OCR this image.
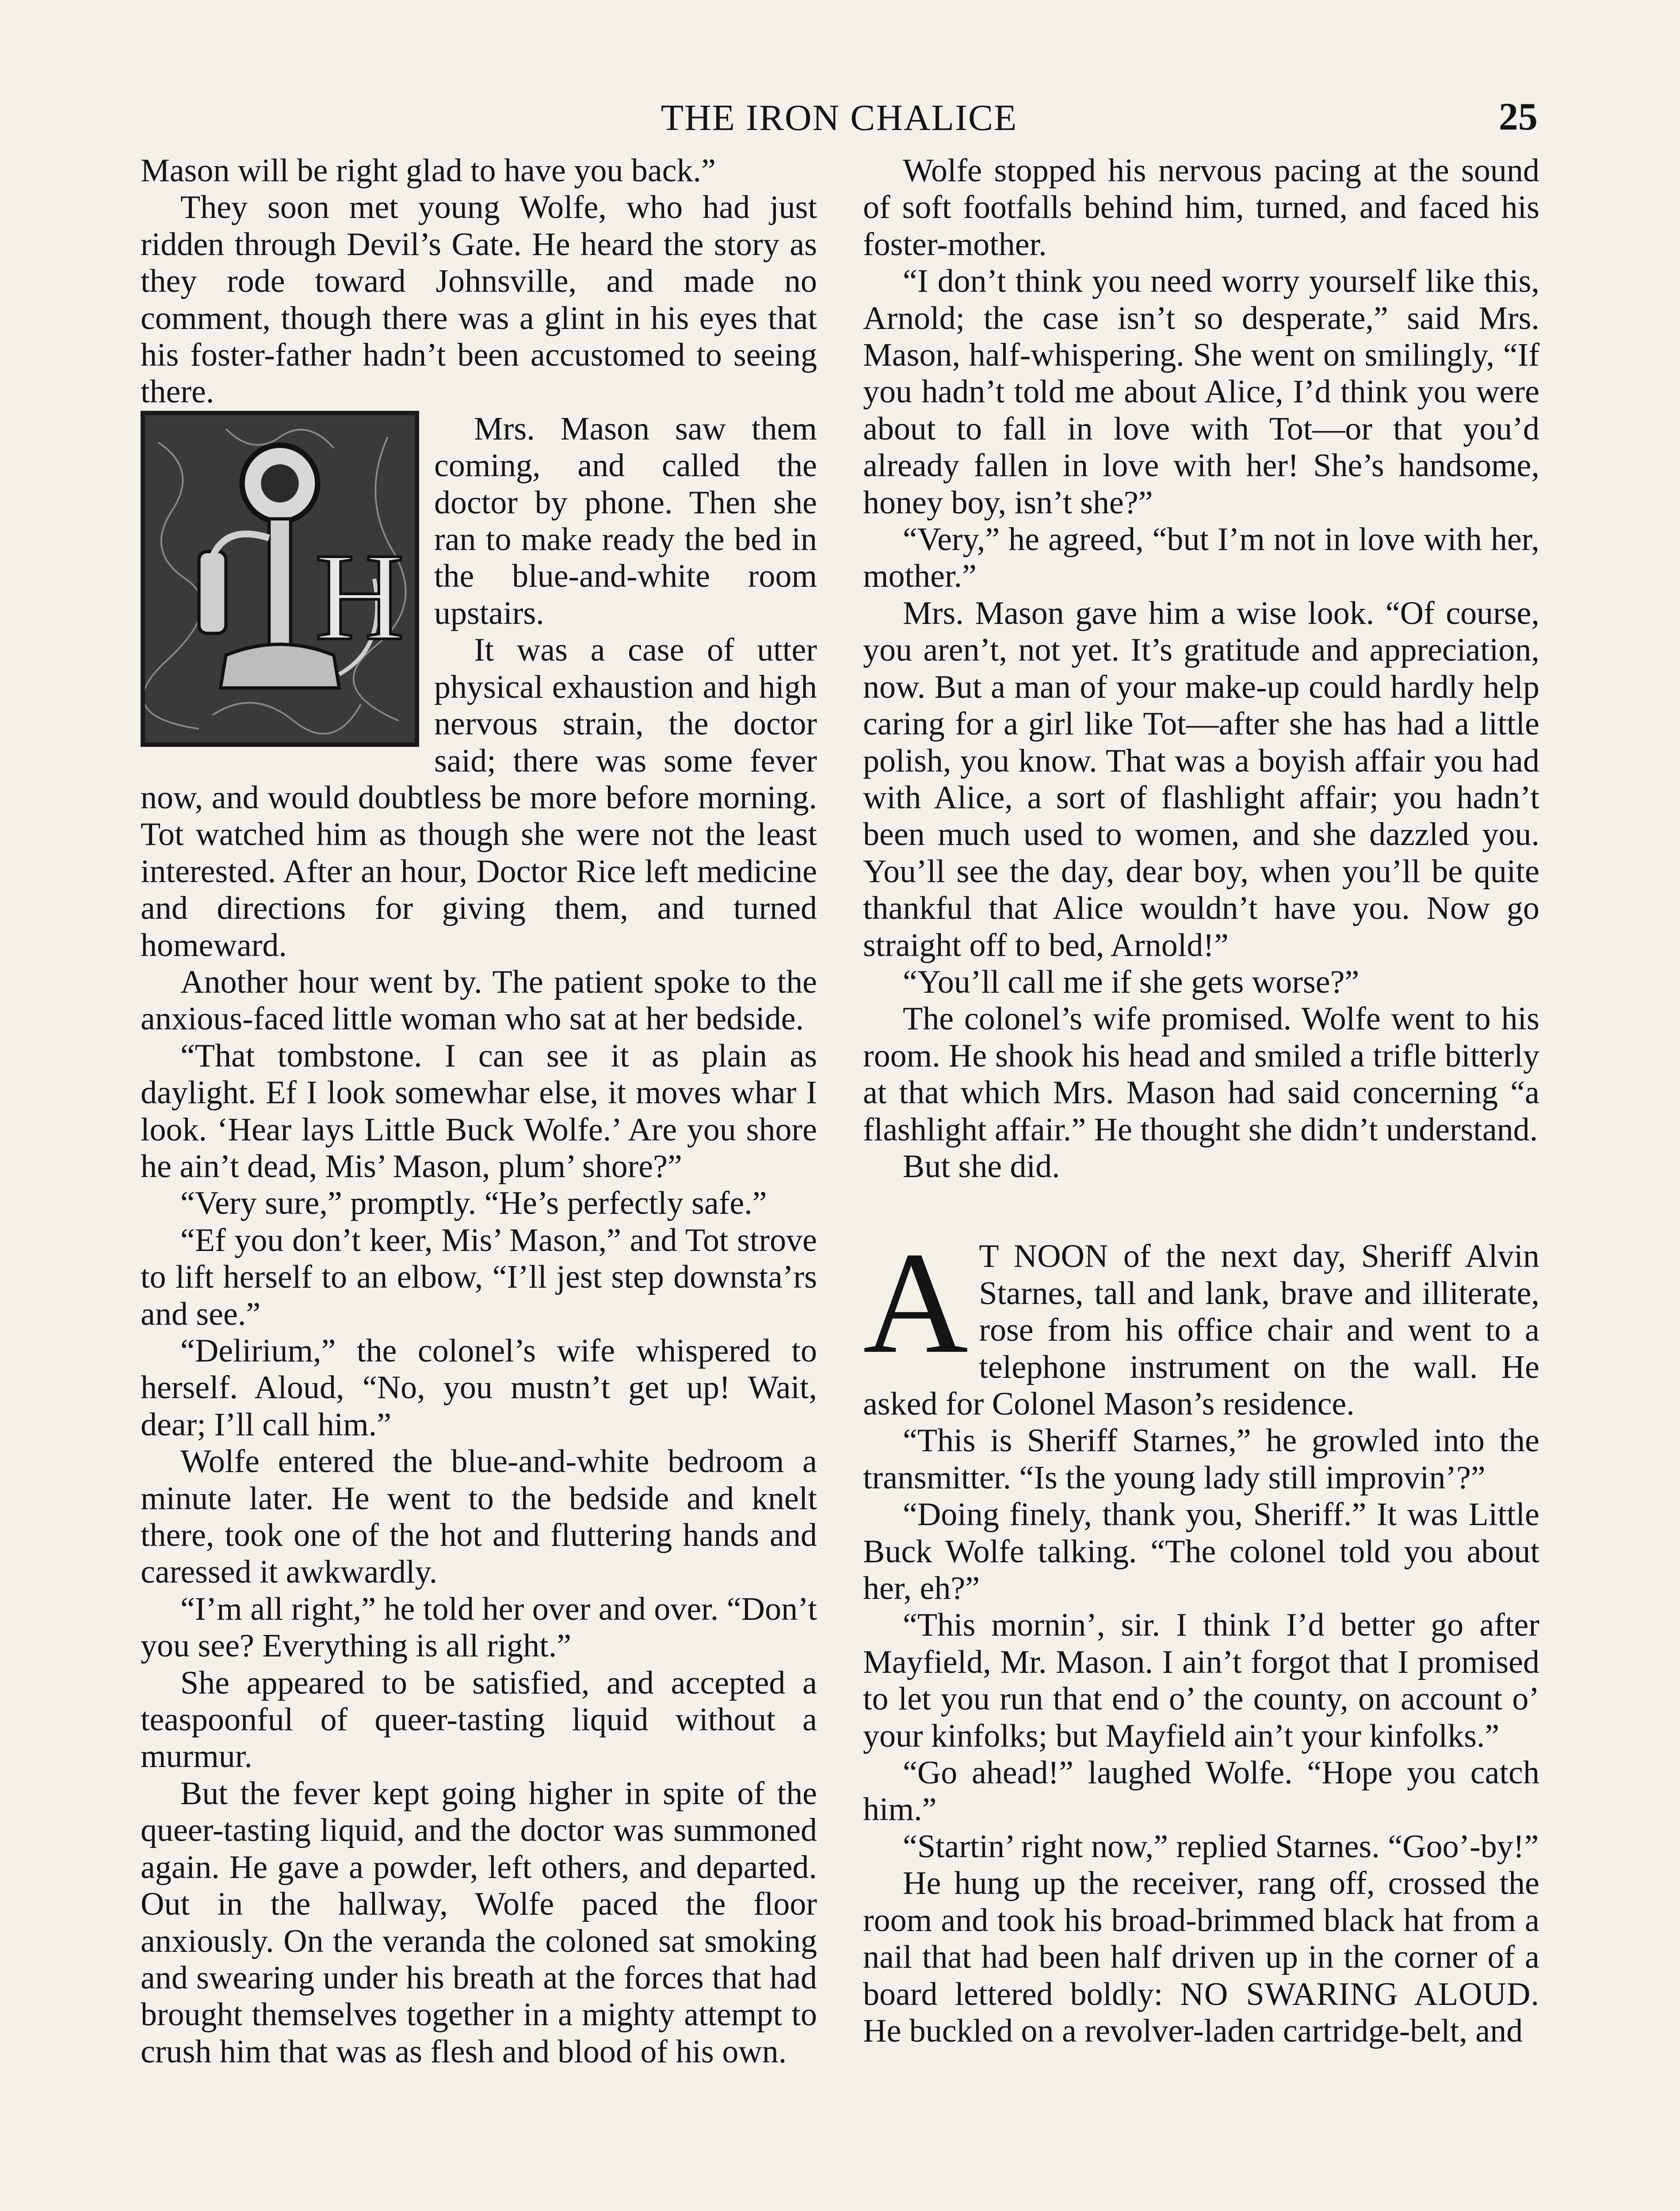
THE IRON CHALICE	25

Mason will be right glad to have you back.”

They soon met young Wolfe, who had just ridden through Devil’s Gate. He heard the story as they rode toward Johnsville, and made no comment, though there was a glint in his eyes that his foster-father hadn’t been accustomed to seeing there.

H

Mrs. Mason saw them coming, and called the doctor by phone. Then she ran to make ready the bed in the blue-and-white room upstairs.

It was a case of utter physical exhaustion and high nervous strain, the doctor said; there was some fever now, and would doubtless be more before morning. Tot watched him as though she were not the least interested. After an hour, Doctor Rice left medicine and directions for giving them, and turned homeward.

Another hour went by. The patient spoke to the anxious-faced little woman who sat at her bedside.

“That tombstone. I can see it as plain as daylight. Ef I look somewhar else, it moves whar I look. ‘Hear lays Little Buck Wolfe.’ Are you shore he ain’t dead, Mis’ Mason, plum’ shore?”

“Very sure,” promptly. “He’s perfectly safe.”

“Ef you don’t keer, Mis’ Mason,” and Tot strove to lift herself to an elbow, “I’ll jest step downsta’rs and see.”

“Delirium,” the colonel’s wife whispered to herself. Aloud, “No, you mustn’t get up! Wait, dear; I’ll call him.”

Wolfe entered the blue-and-white bedroom a minute later. He went to the bedside and knelt there, took one of the hot and fluttering hands and caressed it awkwardly.

“I’m all right,” he told her over and over. “Don’t you see? Everything is all right.”

She appeared to be satisfied, and accepted a teaspoonful of queer-tasting liquid without a murmur.

But the fever kept going higher in spite of the queer-tasting liquid, and the doctor was summoned again. He gave a powder, left others, and departed. Out in the hallway, Wolfe paced the floor anxiously. On the veranda the coloned sat smoking and swearing under his breath at the forces that had brought themselves together in a mighty attempt to crush him that was as flesh and blood of his own.

Wolfe stopped his nervous pacing at the sound of soft footfalls behind him, turned, and faced his foster-mother.

“I don’t think you need worry yourself like this, Arnold; the case isn’t so desperate,” said Mrs. Mason, half-whispering. She went on smilingly, “If you hadn’t told me about Alice, I’d think you were about to fall in love with Tot—or that you’d already fallen in love with her! She’s handsome, honey boy, isn’t she?”

“Very,” he agreed, “but I’m not in love with her, mother.”

Mrs. Mason gave him a wise look. “Of course, you aren’t, not yet. It’s gratitude and appreciation, now. But a man of your make-up could hardly help caring for a girl like Tot—after she has had a little polish, you know. That was a boyish affair you had with Alice, a sort of flashlight affair; you hadn’t been much used to women, and she dazzled you. You’ll see the day, dear boy, when you’ll be quite thankful that Alice wouldn’t have you. Now go straight off to bed, Arnold!”

“You’ll call me if she gets worse?”

The colonel’s wife promised. Wolfe went to his room. He shook his head and smiled a trifle bitterly at that which Mrs. Mason had said concerning “a flashlight affair.” He thought she didn’t understand.

But she did.

A T NOON of the next day, Sheriff Alvin Starnes, tall and lank, brave and illiterate, rose from his office chair and went to a telephone instrument on the wall. He asked for Colonel Mason’s residence.

“This is Sheriff Starnes,” he growled into the transmitter. “Is the young lady still improvin’?”

“Doing finely, thank you, Sheriff.” It was Little Buck Wolfe talking. “The colonel told you about her, eh?”

“This mornin’, sir. I think I’d better go after Mayfield, Mr. Mason. I ain’t forgot that I promised to let you run that end o’ the county, on account o’ your kinfolks; but Mayfield ain’t your kinfolks.”

“Go ahead!” laughed Wolfe. “Hope you catch him.”

“Startin’ right now,” replied Starnes. “Goo’-by!”

He hung up the receiver, rang off, crossed the room and took his broad-brimmed black hat from a nail that had been half driven up in the corner of a board lettered boldly: NO SWARING ALOUD. He buckled on a revolver-laden cartridge-belt, and
